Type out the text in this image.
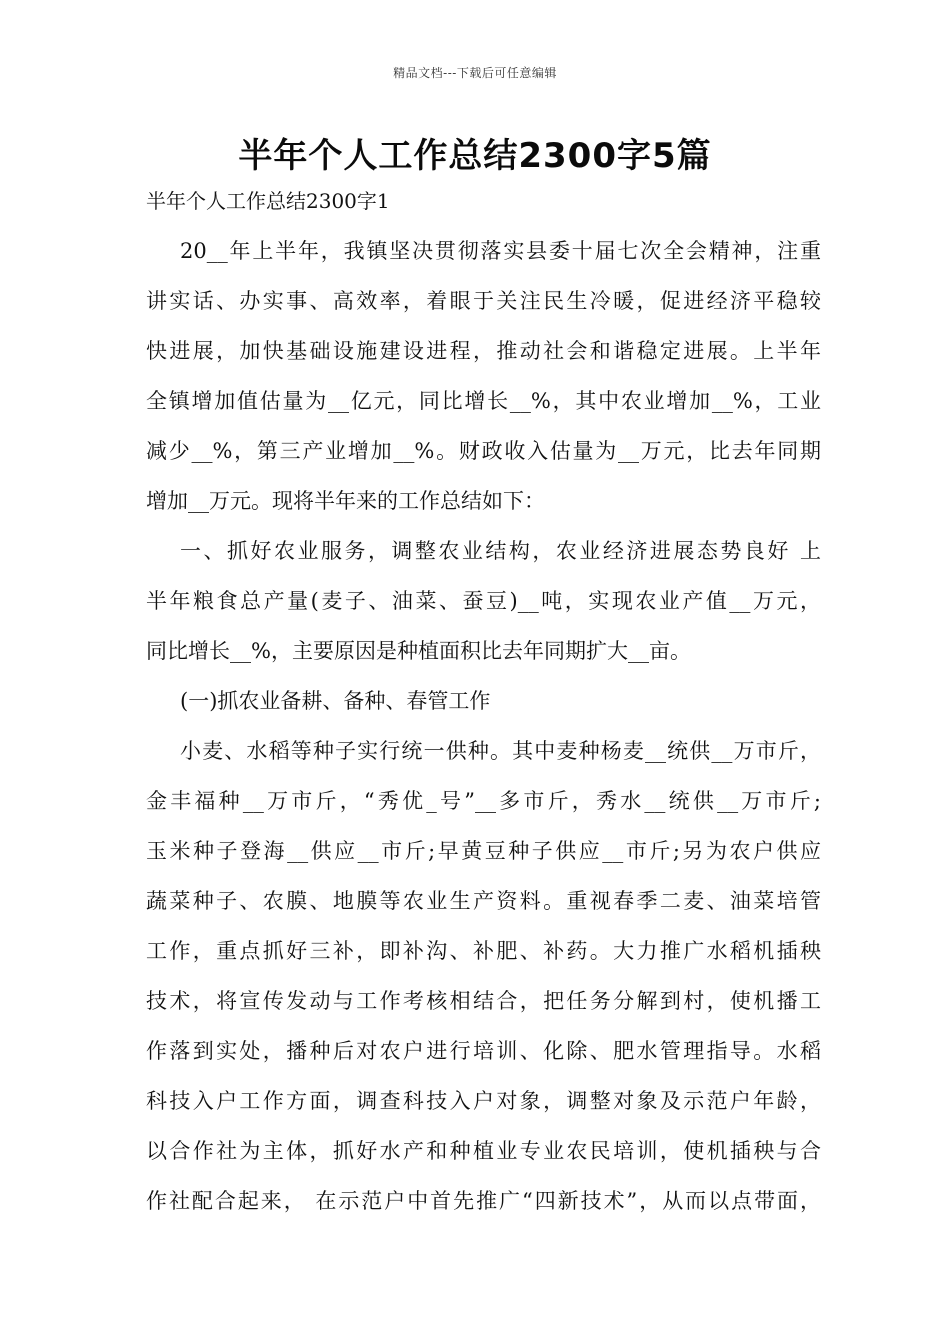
精品文档---下载后可任意编辑
半年个人工作总结2300字5篇
半年个人工作总结2300字1
20__年上半年，我镇坚决贯彻落实县委十届七次全会精神，注重
讲实话、办实事、高效率，着眼于关注民生冷暖，促进经济平稳较
快进展，加快基础设施建设进程，推动社会和谐稳定进展。上半年
全镇增加值估量为__亿元，同比增长__%，其中农业增加__%，工业
减少__%，第三产业增加__%。财政收入估量为__万元，比去年同期
增加__万元。现将半年来的工作总结如下：
一、抓好农业服务，调整农业结构，农业经济进展态势良好 上
半年粮食总产量(麦子、油菜、蚕豆)__吨，实现农业产值__万元，
同比增长__%，主要原因是种植面积比去年同期扩大__亩。
(一)抓农业备耕、备种、春管工作
小麦、水稻等种子实行统一供种。其中麦种杨麦__统供__万市斤，
金丰福种__万市斤，“秀优_号”__多市斤，秀水__统供__万市斤;
玉米种子登海__供应__市斤;早黄豆种子供应__市斤;另为农户供应
蔬菜种子、农膜、地膜等农业生产资料。重视春季二麦、油菜培管
工作，重点抓好三补，即补沟、补肥、补药。大力推广水稻机插秧
技术，将宣传发动与工作考核相结合，把任务分解到村，使机播工
作落到实处，播种后对农户进行培训、化除、肥水管理指导。水稻
科技入户工作方面，调查科技入户对象，调整对象及示范户年龄，
以合作社为主体，抓好水产和种植业专业农民培训，使机插秧与合
作社配合起来， 在示范户中首先推广“四新技术”，从而以点带面，
